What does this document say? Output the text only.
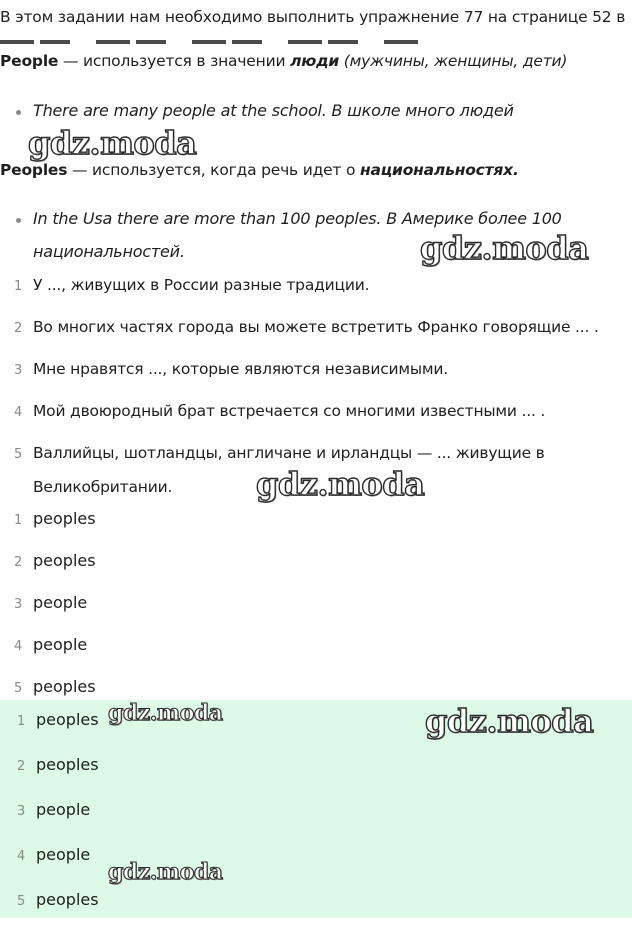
В этом задании нам необходимо выполнить упражнение 77 на странице 52 в
People — используется в значении люди (мужчины, женщины, дети)
There are many people at the school. В школе много людей
Peoples — используется, когда речь идет о национальностях.
In the Usa there are more than 100 peoples. В Америке более 100
национальностей.
1 У ..., живущих в России разные традиции.
2 Во многих частях города вы можете встретить Франко говорящие ... .
3 Мне нравятся ..., которые являются независимыми.
4 Мой двоюродный брат встречается со многими известными ... .
5 Валлийцы, шотландцы, англичане и ирландцы — ... живущие в
Великобритании.
1 peoples
2 peoples
3 people
4 people
5 peoples
1 peoples
2 peoples
3 people
4 people
5 peoples
gdz.moda
gdz.moda
gdz.moda
gdz.moda	gdz.moda
gdz.moda
